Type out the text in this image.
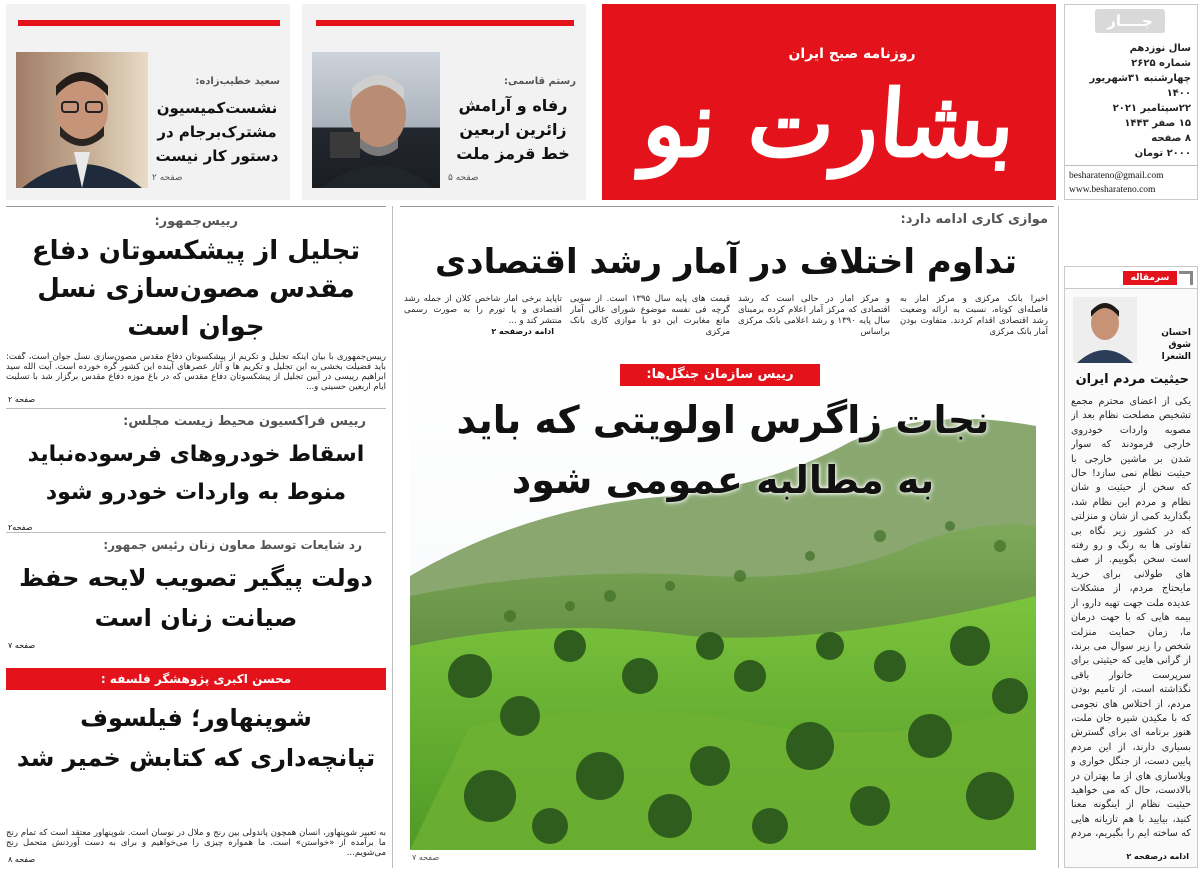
جــــار
سال نوزدهم
شماره ۲۶۲۵
چهارشنبه ۳۱شهریور ۱۴۰۰
۲۲سپتامبر ۲۰۲۱
۱۵ صفر ۱۴۴۳
۸ صفحه
۲۰۰۰ تومان
besharateno@gmail.com
www.besharateno.com
روزنامه صبح ایران
بشارت نو
رستم قاسمی:
رفاه و آرامش زائرین اربعین خط قرمز ملت
صفحه ۵
سعید خطیب‌زاده:
نشست‌کمیسیون مشترک‌برجام در دستور کار نیست
صفحه ۲
سرمقاله
احسان
شوق الشعرا
حیثیت مردم ایران
یکی از اعضای محترم مجمع تشخیص مصلحت نظام بعد از مصوبه واردات خودروی خارجی فرمودند که سوار شدن بر ماشین خارجی با حیثیت نظام نمی سازد! حال که سخن از حیثیت و شان نظام و مردم این نظام شد، بگذارید کمی از شان و منزلتی که در کشور زیر نگاه بی تفاوتی ها به رنگ و رو رفته است سخن بگوییم. از صف های طولانی برای خرید مایحتاج مردم، از مشکلات عدیده ملت جهت تهیه دارو، از بیمه هایی که با جهت درمان ما، زمان حمایت منزلت شخص را زیر سوال می برند، از گرانی هایی که حیثیتی برای سرپرست خانوار باقی نگذاشته است، از تامیم بودن مردم، از اختلاس های نجومی که با مکیدن شیره جان ملت، هنوز برنامه ای برای گسترش بسیاری دارند، از این مردم پایین دست، از جنگل خواری و ویلاسازی های از ما بهتران در بالادست، حال که می خواهید حیثیت نظام از اینگونه معنا کنید، بیایید با هم تازیانه هایی که ساخته ایم را بگیریم، مردم
ادامه درصفحه ۲
موازی کاری ادامه دارد:
تداوم اختلاف در آمار رشد اقتصادی
اخیرا بانک مرکزی و مرکز آمار به فاصله‌ای کوتاه، نسبت به ارائه وضعیت رشد اقتصادی اقدام کردند. متفاوت بودن آمار بانک مرکزی
و مرکز آمار در حالی است که رشد اقتصادی که مرکز آمار اعلام کرده برمبنای سال پایه ۱۳۹۰ و رشد اعلامی بانک مرکزی براساس
قیمت های پایه سال ۱۳۹۵ است. از سویی گرچه فی نفسه موضوع شورای عالی آمار مانع مغایرت این دو با موازی کاری بانک مرکزی
تاپاید برخی آمار شاخص کلان از جمله رشد اقتصادی و یا تورم را به صورت رسمی منتشر کند و ...
ادامه درصفحه ۲
رییس سازمان جنگل‌ها:
نجات زاگرس اولویتی که باید به مطالبه عمومی شود
صفحه ۷
رییس‌جمهور:
تجلیل از پیشکسوتان دفاع مقدس مصون‌سازی نسل جوان است
رییس‌جمهوری با بیان اینکه تجلیل و تکریم از پیشکسوتان دفاع مقدس مصون‌سازی نسل جوان است، گفت: باید فضیلت بخشی به این تجلیل و تکریم ها و آثار عصرهای آینده این کشور گره خورده است. آیت الله سید ابراهیم رییسی در آیین تجلیل از پیشکسوتان دفاع مقدس که در باغ موزه دفاع مقدس برگزار شد با تسلیت ایام اربعین حسینی و...
صفحه ۲
رییس فراکسیون محیط زیست مجلس:
اسقاط خودروهای فرسوده‌نباید منوط به واردات خودرو شود
صفحه۲
رد شایعات توسط معاون زنان رئیس جمهور:
دولت پیگیر تصویب لایحه حفظ صیانت زنان است
صفحه ۷
محسن اکبری پژوهشگر فلسفه :
شوپنهاور؛ فیلسوف تپانچه‌داری که کتابش خمیر شد
به تعبیر شوپنهاور، انسان همچون پاندولی بین رنج و ملال در نوسان است. شوپنهاور معتقد است که تمام رنج ما برآمده از «خواستن» است. ما همواره چیزی را می‌خواهیم و برای به دست آوردنش متحمل رنج می‌شویم...
صفحه ۸
